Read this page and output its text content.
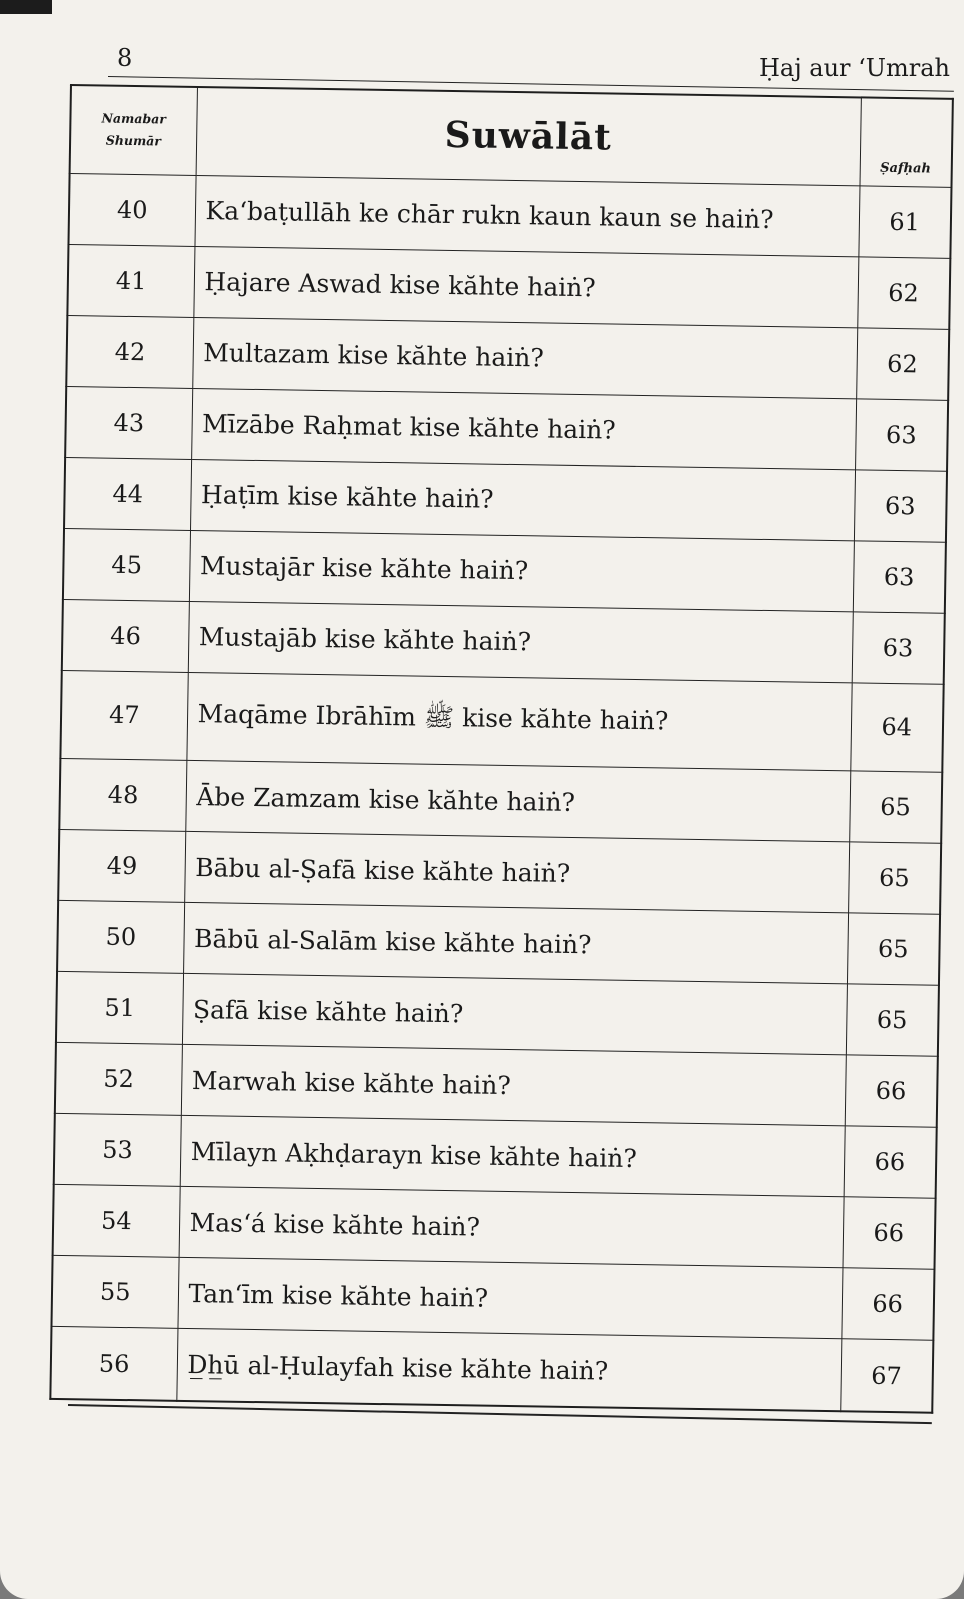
8	Ḥaj aur ‘Umrah
Namabar
Shumār	Suwālāt	Ṣafḥah
40	Ka‘baṭullāh ke chār rukn kaun kaun se haiṅ?	61
41	Ḥajare Aswad kise kăhte haiṅ?	62
42	Multazam kise kăhte haiṅ?	62
43	Mīzābe Raḥmat kise kăhte haiṅ?	63
44	Ḥaṭīm kise kăhte haiṅ?	63
45	Mustajār kise kăhte haiṅ?	63
46	Mustajāb kise kăhte haiṅ?	63
47	Maqāme Ibrāhīm ﷺ kise kăhte haiṅ?	64
48	Ābe Zamzam kise kăhte haiṅ?	65
49	Bābu al-Ṣafā kise kăhte haiṅ?	65
50	Bābū al-Salām kise kăhte haiṅ?	65
51	Ṣafā kise kăhte haiṅ?	65
52	Marwah kise kăhte haiṅ?	66
53	Mīlayn Aḳhḍarayn kise kăhte haiṅ?	66
54	Mas‘á kise kăhte haiṅ?	66
55	Tan‘īm kise kăhte haiṅ?	66
56	D̲h̲ū al-Ḥulayfah kise kăhte haiṅ?	67
